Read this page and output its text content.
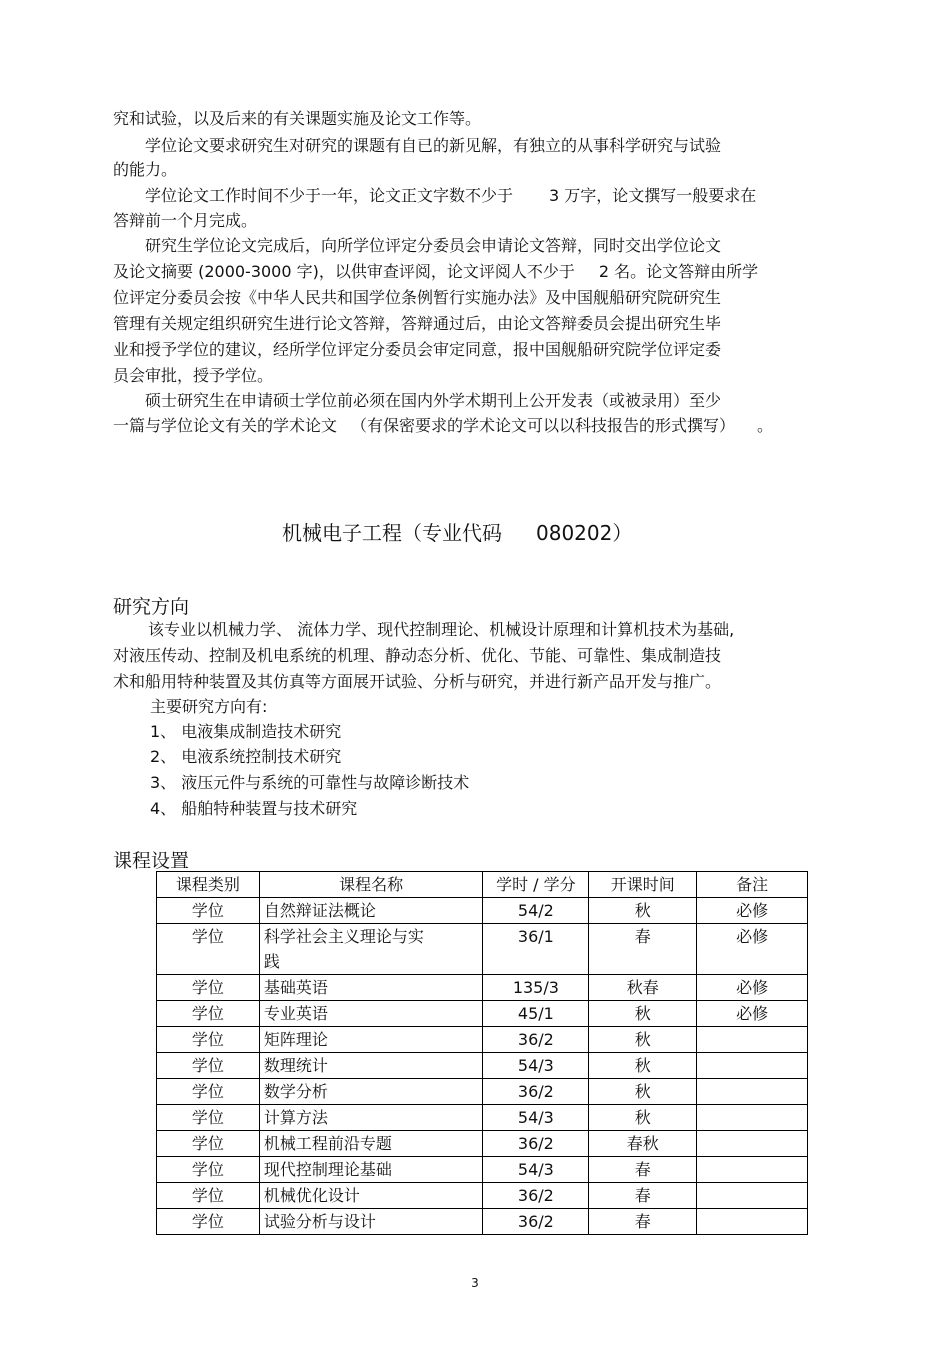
究和试验，以及后来的有关课题实施及论文工作等。
学位论文要求研究生对研究的课题有自已的新见解，有独立的从事科学研究与试验
的能力。
学位论文工作时间不少于一年，论文正文字数不少于 3 万字，论文撰写一般要求在
答辩前一个月完成。
研究生学位论文完成后，向所学位评定分委员会申请论文答辩，同时交出学位论文
及论文摘要 (2000-3000 字)，以供审查评阅，论文评阅人不少于 2 名。论文答辩由所学
位评定分委员会按《中华人民共和国学位条例暂行实施办法》及中国舰船研究院研究生
管理有关规定组织研究生进行论文答辩，答辩通过后，由论文答辩委员会提出研究生毕
业和授予学位的建议，经所学位评定分委员会审定同意，报中国舰船研究院学位评定委
员会审批，授予学位。
硕士研究生在申请硕士学位前必须在国内外学术期刊上公开发表（或被录用）至少
一篇与学位论文有关的学术论文 （有保密要求的学术论文可以以科技报告的形式撰写） 。
机械电子工程（专业代码 080202）
研究方向
该专业以机械力学、 流体力学、现代控制理论、机械设计原理和计算机技术为基础,
对液压传动、控制及机电系统的机理、静动态分析、优化、节能、可靠性、集成制造技
术和船用特种装置及其仿真等方面展开试验、分析与研究，并进行新产品开发与推广。
主要研究方向有:
1、 电液集成制造技术研究
2、 电液系统控制技术研究
3、 液压元件与系统的可靠性与故障诊断技术
4、 船舶特种装置与技术研究
课程设置
课程类别	课程名称	学时 / 学分	开课时间	备注
学位	自然辩证法概论	54/2	秋	必修
学位	科学社会主义理论与实	36/1	春	必修
	践			
学位	基础英语	135/3	秋春	必修
学位	专业英语	45/1	秋	必修
学位	矩阵理论	36/2	秋	
学位	数理统计	54/3	秋	
学位	数学分析	36/2	秋	
学位	计算方法	54/3	秋	
学位	机械工程前沿专题	36/2	春秋	
学位	现代控制理论基础	54/3	春	
学位	机械优化设计	36/2	春	
学位	试验分析与设计	36/2	春	
3
